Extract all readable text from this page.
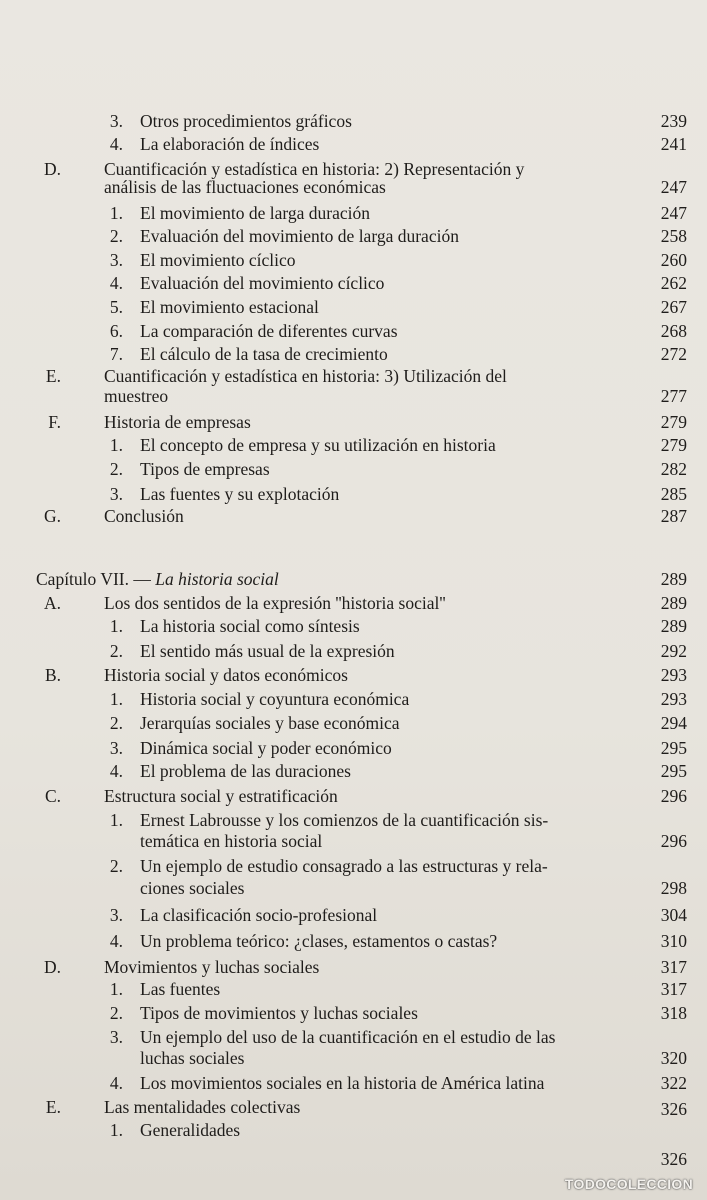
3. Otros procedimientos gráficos	239
4. La elaboración de índices	241
D. Cuantificación y estadística en historia: 2) Representación y
análisis de las fluctuaciones económicas	247
1. El movimiento de larga duración	247
2. Evaluación del movimiento de larga duración	258
3. El movimiento cíclico	260
4. Evaluación del movimiento cíclico	262
5. El movimiento estacional	267
6. La comparación de diferentes curvas	268
7. El cálculo de la tasa de crecimiento	272
E. Cuantificación y estadística en historia: 3) Utilización del
muestreo	277
F. Historia de empresas	279
1. El concepto de empresa y su utilización en historia	279
2. Tipos de empresas	282
3. Las fuentes y su explotación	285
G. Conclusión	287
Capítulo VII. — La historia social	289
A. Los dos sentidos de la expresión ''historia social''	289
1. La historia social como síntesis	289
2. El sentido más usual de la expresión	292
B. Historia social y datos económicos	293
1. Historia social y coyuntura económica	293
2. Jerarquías sociales y base económica	294
3. Dinámica social y poder económico	295
4. El problema de las duraciones	295
C. Estructura social y estratificación	296
1. Ernest Labrousse y los comienzos de la cuantificación sis-
temática en historia social	296
2. Un ejemplo de estudio consagrado a las estructuras y rela-
ciones sociales	298
3. La clasificación socio-profesional	304
4. Un problema teórico: ¿clases, estamentos o castas?	310
D. Movimientos y luchas sociales	317
1. Las fuentes	317
2. Tipos de movimientos y luchas sociales	318
3. Un ejemplo del uso de la cuantificación en el estudio de las
luchas sociales	320
4. Los movimientos sociales en la historia de América latina	322
E. Las mentalidades colectivas	326
1. Generalidades
326
TODOCOLECCION
